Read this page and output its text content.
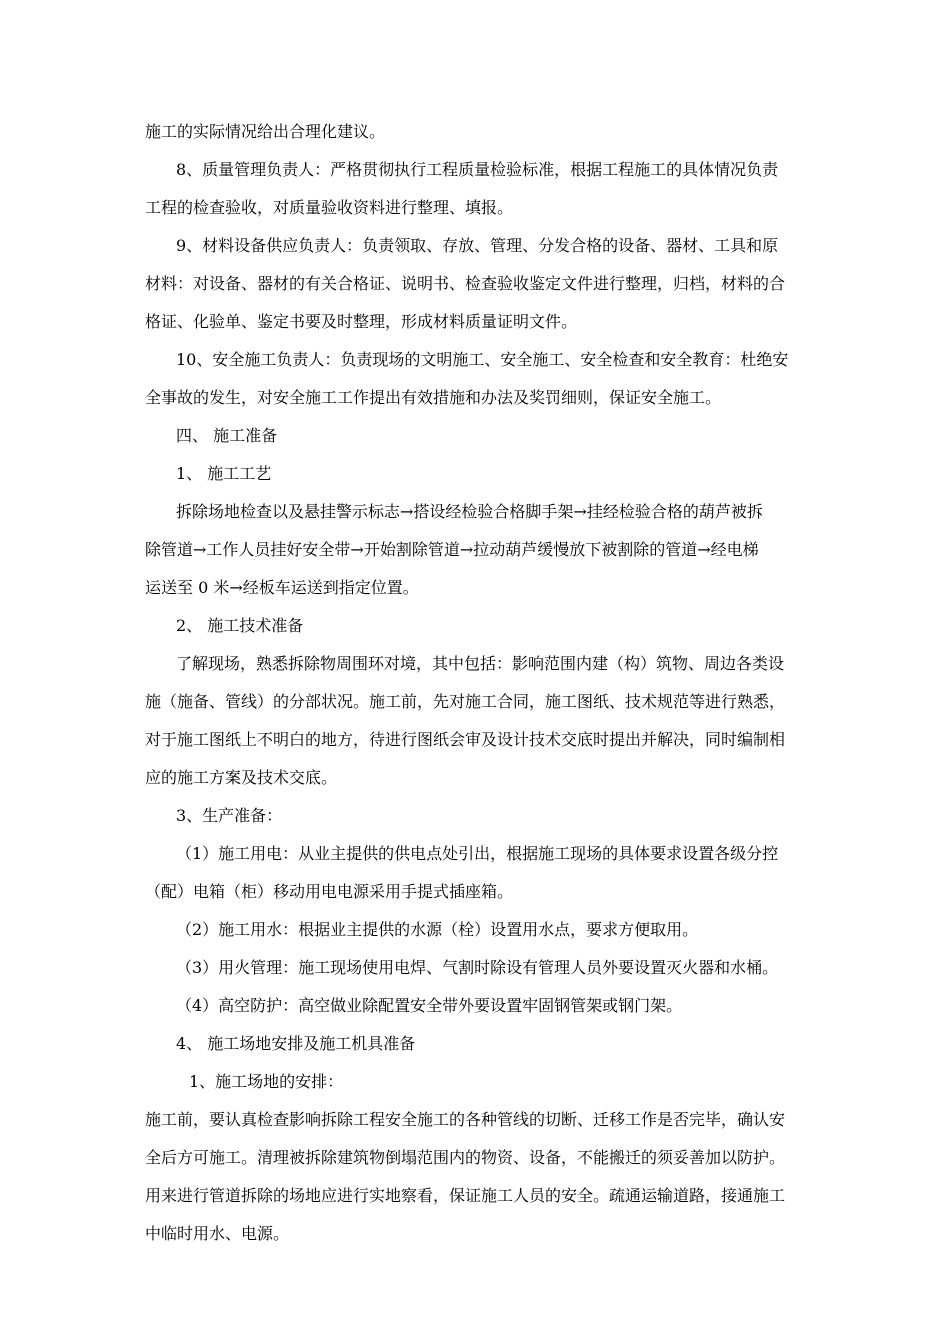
施工的实际情况给出合理化建议。
8、质量管理负责人：严格贯彻执行工程质量检验标准，根据工程施工的具体情况负责
工程的检查验收，对质量验收资料进行整理、填报。
9、材料设备供应负责人：负责领取、存放、管理、分发合格的设备、器材、工具和原
材料：对设备、器材的有关合格证、说明书、检查验收鉴定文件进行整理，归档，材料的合
格证、化验单、鉴定书要及时整理，形成材料质量证明文件。
10、安全施工负责人：负责现场的文明施工、安全施工、安全检查和安全教育：杜绝安
全事故的发生，对安全施工工作提出有效措施和办法及奖罚细则，保证安全施工。
四、 施工准备
1、 施工工艺
拆除场地检查以及悬挂警示标志→搭设经检验合格脚手架→挂经检验合格的葫芦被拆
除管道→工作人员挂好安全带→开始割除管道→拉动葫芦缓慢放下被割除的管道→经电梯
运送至 0 米→经板车运送到指定位置。
2、 施工技术准备
了解现场，熟悉拆除物周围环对境，其中包括：影响范围内建（构）筑物、周边各类设
施（施备、管线）的分部状况。施工前，先对施工合同，施工图纸、技术规范等进行熟悉，
对于施工图纸上不明白的地方，待进行图纸会审及设计技术交底时提出并解决，同时编制相
应的施工方案及技术交底。
3、生产准备：
（1）施工用电：从业主提供的供电点处引出，根据施工现场的具体要求设置各级分控
（配）电箱（柜）移动用电电源采用手提式插座箱。
（2）施工用水：根据业主提供的水源（栓）设置用水点，要求方便取用。
（3）用火管理：施工现场使用电焊、气割时除设有管理人员外要设置灭火器和水桶。
（4）高空防护：高空做业除配置安全带外要设置牢固钢管架或钢门架。
4、 施工场地安排及施工机具准备
1、施工场地的安排：
施工前，要认真检查影响拆除工程安全施工的各种管线的切断、迁移工作是否完毕，确认安
全后方可施工。清理被拆除建筑物倒塌范围内的物资、设备，不能搬迁的须妥善加以防护。
用来进行管道拆除的场地应进行实地察看，保证施工人员的安全。疏通运输道路，接通施工
中临时用水、电源。
